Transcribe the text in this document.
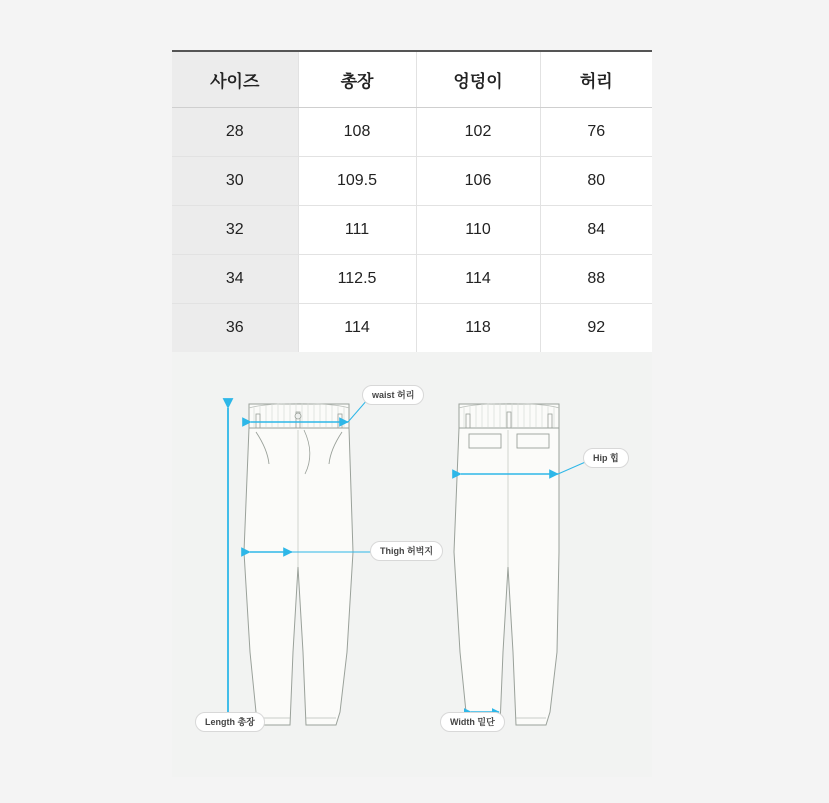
사이즈	총장	엉덩이	허리
28	108	102	76
30	109.5	106	80
32	111	110	84
34	112.5	114	88
36	114	118	92
waist 허리
Hip 힙
Thigh 허벅지
Length 총장	Width 밑단
